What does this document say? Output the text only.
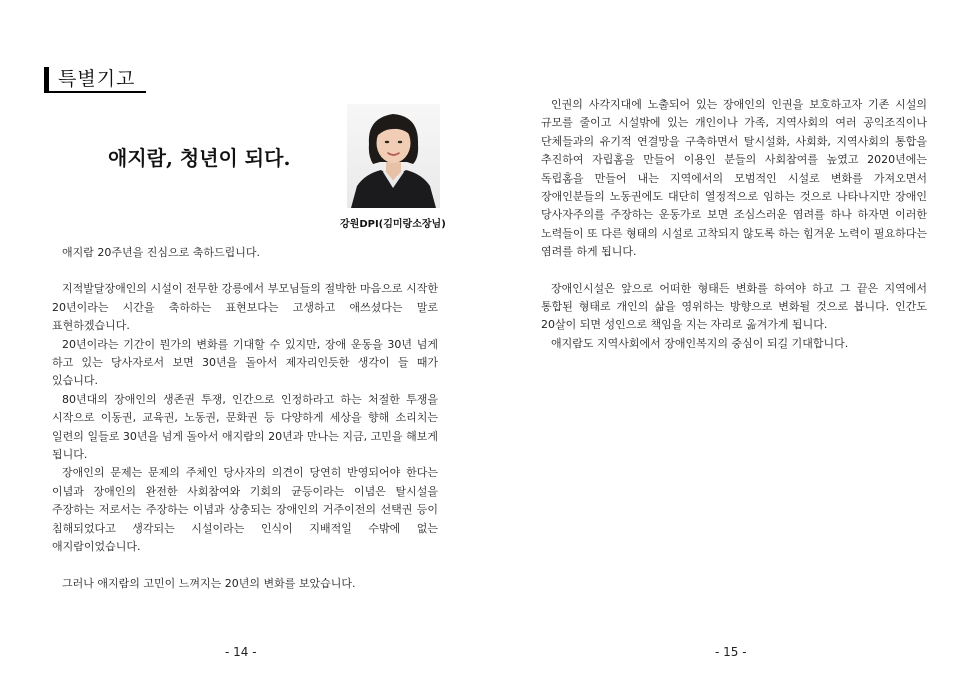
특별기고
애지람, 청년이 되다.
강원DPI(김미랑소장님)

애지람 20주년을 진심으로 축하드립니다.

지적발달장애인의 시설이 전무한 강릉에서 부모님들의 절박한 마음으로 시작한 20년이라는 시간을 축하하는 표현보다는 고생하고 애쓰셨다는 말로 표현하겠습니다.

20년이라는 기간이 뭔가의 변화를 기대할 수 있지만, 장애 운동을 30년 넘게 하고 있는 당사자로서 보면 30년을 돌아서 제자리인듯한 생각이 들 때가 있습니다.

80년대의 장애인의 생존권 투쟁, 인간으로 인정하라고 하는 처절한 투쟁을 시작으로 이동권, 교육권, 노동권, 문화권 등 다양하게 세상을 향해 소리치는 일련의 일들로 30년을 넘게 돌아서 애지람의 20년과 만나는 지금, 고민을 해보게 됩니다.

장애인의 문제는 문제의 주체인 당사자의 의견이 당연히 반영되어야 한다는 이념과 장애인의 완전한 사회참여와 기회의 균등이라는 이념은 탈시설을 주장하는 저로서는 주장하는 이념과 상충되는 장애인의 거주이전의 선택권 등이 침해되었다고 생각되는 시설이라는 인식이 지배적일 수밖에 없는 애지람이었습니다.

그러나 애지람의 고민이 느껴지는 20년의 변화를 보았습니다.

- 14 -

인권의 사각지대에 노출되어 있는 장애인의 인권을 보호하고자 기존 시설의 규모를 줄이고 시설밖에 있는 개인이나 가족, 지역사회의 여러 공익조직이나 단체들과의 유기적 연결망을 구축하면서 탈시설화, 사회화, 지역사회의 통합을 추진하여 자립홈을 만들어 이용인 분들의 사회참여를 높였고 2020년에는 독립홈을 만들어 내는 지역에서의 모범적인 시설로 변화를 가져오면서 장애인분들의 노동권에도 대단히 열정적으로 임하는 것으로 나타나지만 장애인 당사자주의를 주장하는 운동가로 보면 조심스러운 염려를 하나 하자면 이러한 노력들이 또 다른 형태의 시설로 고착되지 않도록 하는 힘겨운 노력이 필요하다는 염려를 하게 됩니다.

장애인시설은 앞으로 어떠한 형태든 변화를 하여야 하고 그 끝은 지역에서 통합된 형태로 개인의 삶을 영위하는 방향으로 변화될 것으로 봅니다. 인간도 20살이 되면 성인으로 책임을 지는 자리로 옮겨가게 됩니다.

애지람도 지역사회에서 장애인복지의 중심이 되길 기대합니다.

- 15 -
